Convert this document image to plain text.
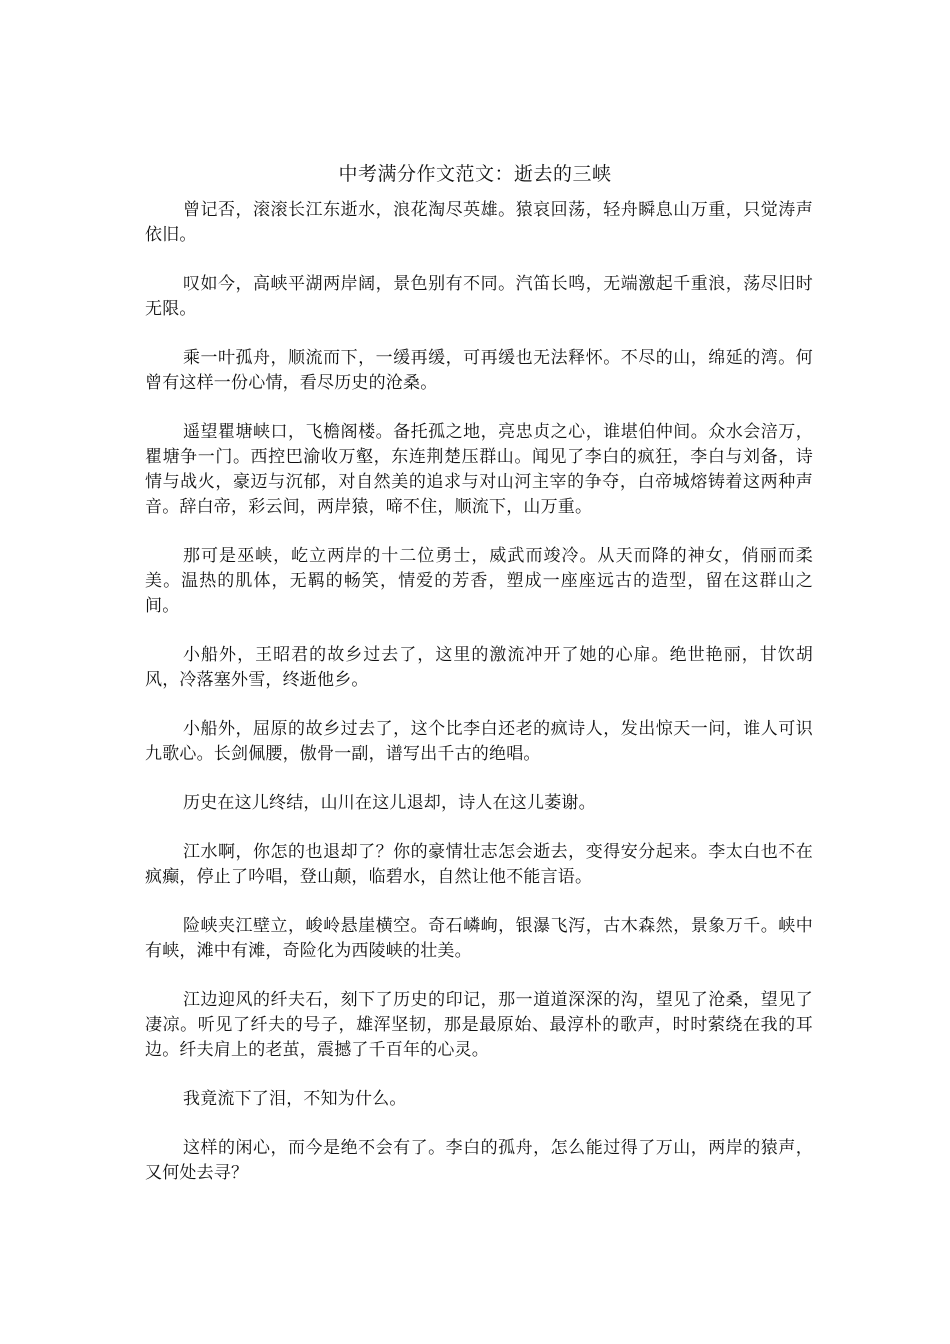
中考满分作文范文：逝去的三峡

曾记否，滚滚长江东逝水，浪花淘尽英雄。猿哀回荡，轻舟瞬息山万重，只觉涛声依旧。

叹如今，高峡平湖两岸阔，景色别有不同。汽笛长鸣，无端激起千重浪，荡尽旧时无限。

乘一叶孤舟，顺流而下，一缓再缓，可再缓也无法释怀。不尽的山，绵延的湾。何曾有这样一份心情，看尽历史的沧桑。

遥望瞿塘峡口，飞檐阁楼。备托孤之地，亮忠贞之心，谁堪伯仲间。众水会涪万，瞿塘争一门。西控巴渝收万壑，东连荆楚压群山。闻见了李白的疯狂，李白与刘备，诗情与战火，豪迈与沉郁，对自然美的追求与对山河主宰的争夺，白帝城熔铸着这两种声音。辞白帝，彩云间，两岸猿，啼不住，顺流下，山万重。

那可是巫峡，屹立两岸的十二位勇士，威武而竣冷。从天而降的神女，俏丽而柔美。温热的肌体，无羁的畅笑，情爱的芳香，塑成一座座远古的造型，留在这群山之间。

小船外，王昭君的故乡过去了，这里的激流冲开了她的心扉。绝世艳丽，甘饮胡风，冷落塞外雪，终逝他乡。

小船外，屈原的故乡过去了，这个比李白还老的疯诗人，发出惊天一问，谁人可识九歌心。长剑佩腰，傲骨一副，谱写出千古的绝唱。

历史在这儿终结，山川在这儿退却，诗人在这儿萎谢。

江水啊，你怎的也退却了？你的豪情壮志怎会逝去，变得安分起来。李太白也不在疯癫，停止了吟唱，登山颠，临碧水，自然让他不能言语。

险峡夹江壁立，峻岭悬崖横空。奇石嶙峋，银瀑飞泻，古木森然，景象万千。峡中有峡，滩中有滩，奇险化为西陵峡的壮美。

江边迎风的纤夫石，刻下了历史的印记，那一道道深深的沟，望见了沧桑，望见了凄凉。听见了纤夫的号子，雄浑坚韧，那是最原始、最淳朴的歌声，时时萦绕在我的耳边。纤夫肩上的老茧，震撼了千百年的心灵。

我竟流下了泪，不知为什么。

这样的闲心，而今是绝不会有了。李白的孤舟，怎么能过得了万山，两岸的猿声，又何处去寻？
